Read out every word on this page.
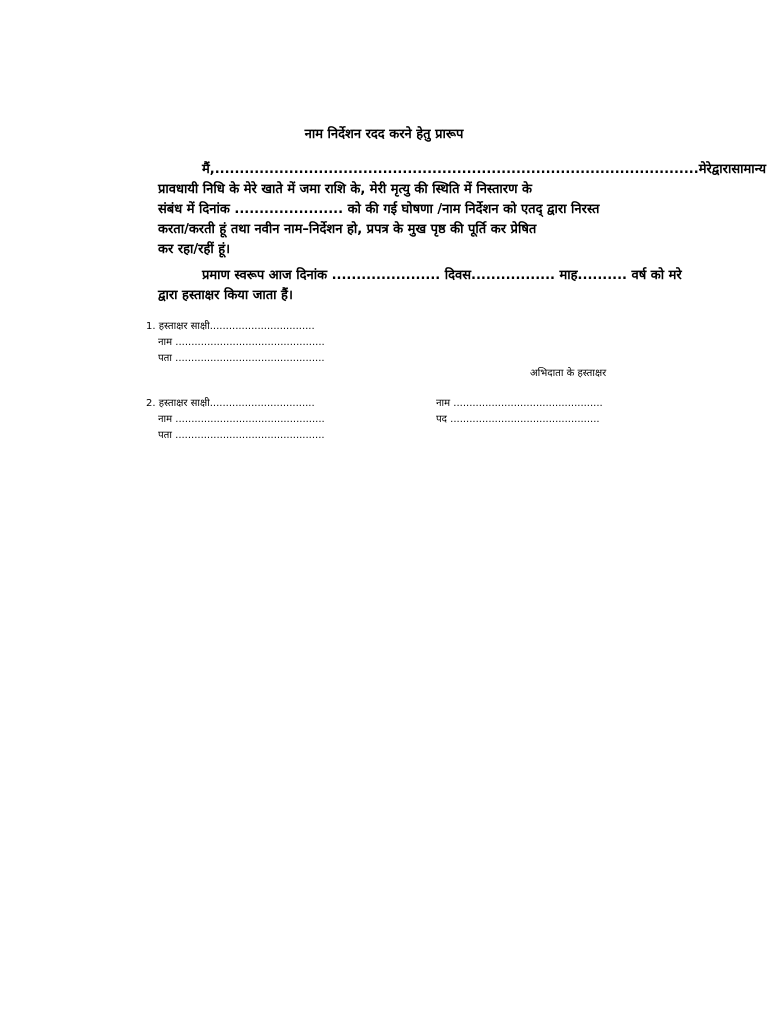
नाम निर्देशन रदद करने हेतु प्रारूप
मैं,.................................................................................................. मेरे द्वारा सामान्य
प्रावधायी निधि के मेरे खाते में जमा राशि के, मेरी मृत्यु की स्थिति में निस्तारण के
संबंध में दिनांक ...................... को की गई घोषणा /नाम निर्देशन को एतद् द्वारा निरस्त
करता/करती हूं तथा नवीन नाम–निर्देशन हो, प्रपत्र के मुख पृष्ठ की पूर्ति कर प्रेषित
कर रहा/रहीं हूं।
प्रमाण स्वरूप आज दिनांक ...................... दिवस................. माह.......... वर्ष को मरे
द्वारा हस्ताक्षर किया जाता हैं।
1. हस्ताक्षर साक्षी.................................
नाम ...............................................
पता ...............................................
अभिदाता के हस्ताक्षर
2. हस्ताक्षर साक्षी.................................
नाम ...............................................
पता ...............................................
नाम ...............................................
पद ...............................................
